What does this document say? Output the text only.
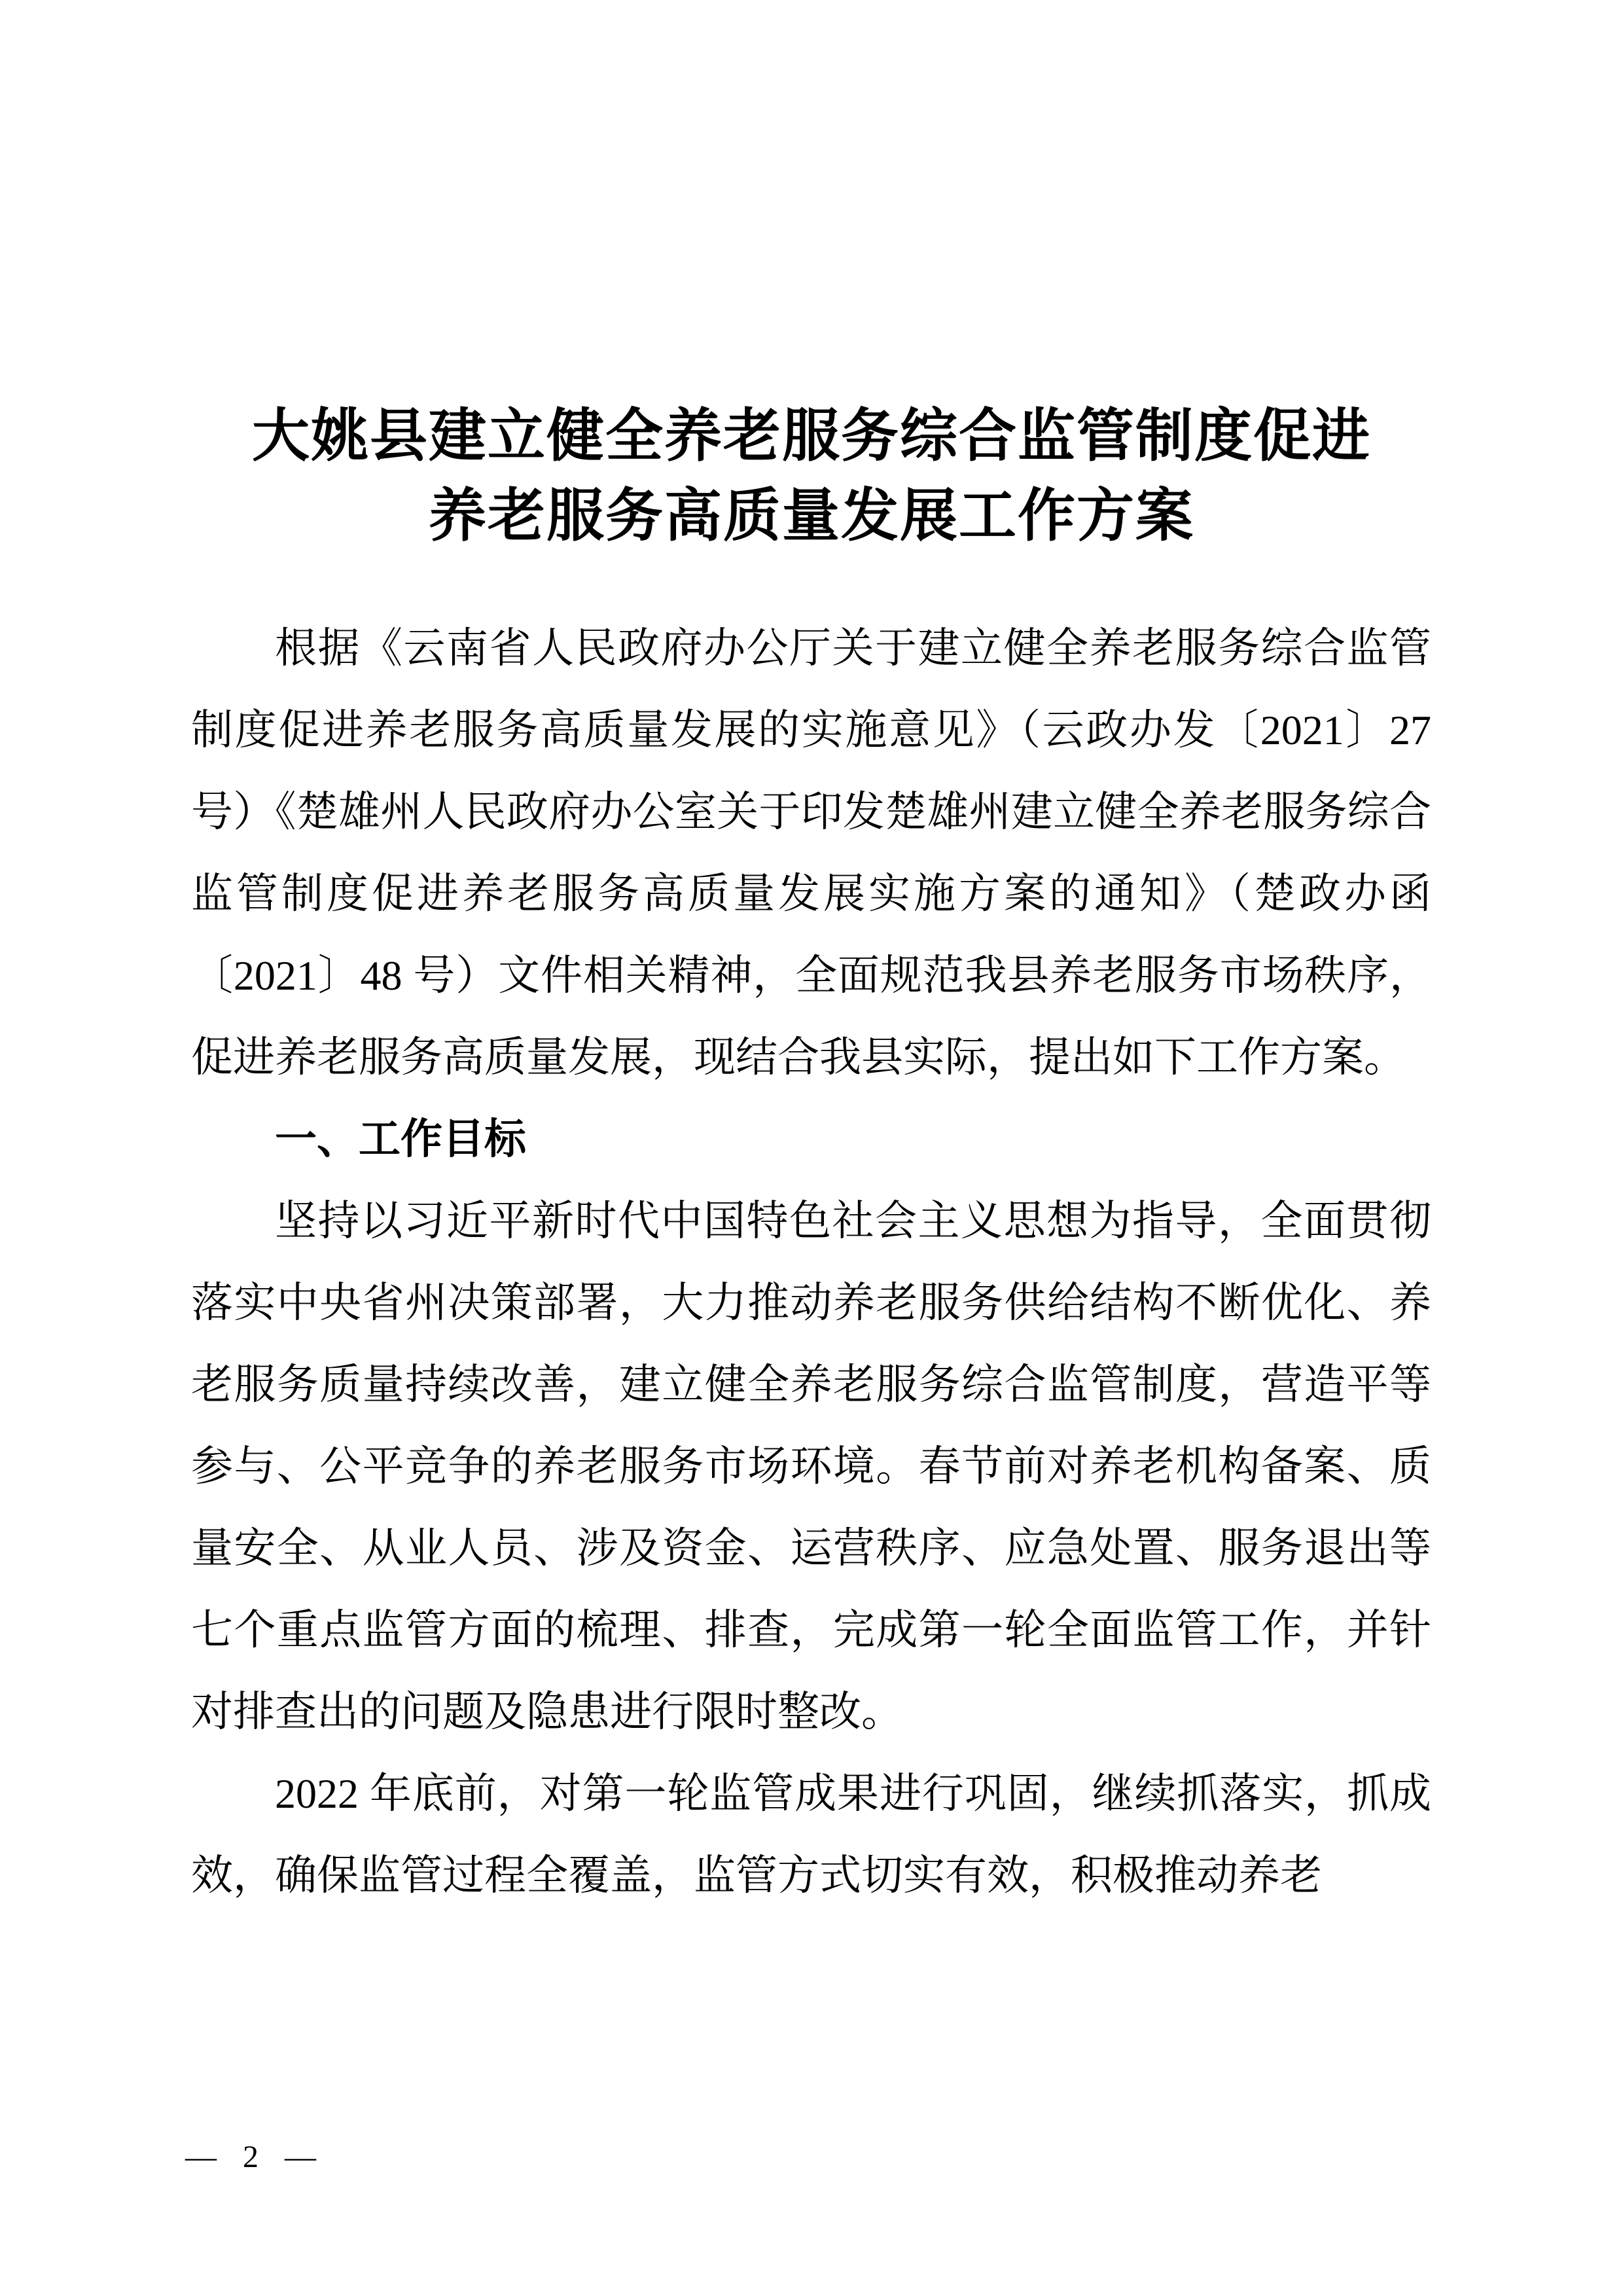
大姚县建立健全养老服务综合监管制度促进
养老服务高质量发展工作方案

根据《云南省人民政府办公厅关于建立健全养老服务综合监管制度促进养老服务高质量发展的实施意见》（云政办发〔2021〕27 号）《楚雄州人民政府办公室关于印发楚雄州建立健全养老服务综合监管制度促进养老服务高质量发展实施方案的通知》（楚政办函〔2021〕48 号）文件相关精神，全面规范我县养老服务市场秩序，促进养老服务高质量发展，现结合我县实际，提出如下工作方案。

一、工作目标

坚持以习近平新时代中国特色社会主义思想为指导，全面贯彻落实中央省州决策部署，大力推动养老服务供给结构不断优化、养老服务质量持续改善，建立健全养老服务综合监管制度，营造平等参与、公平竞争的养老服务市场环境。春节前对养老机构备案、质量安全、从业人员、涉及资金、运营秩序、应急处置、服务退出等七个重点监管方面的梳理、排查，完成第一轮全面监管工作，并针对排查出的问题及隐患进行限时整改。

2022 年底前，对第一轮监管成果进行巩固，继续抓落实，抓成效，确保监管过程全覆盖，监管方式切实有效，积极推动养老

— 2 —
